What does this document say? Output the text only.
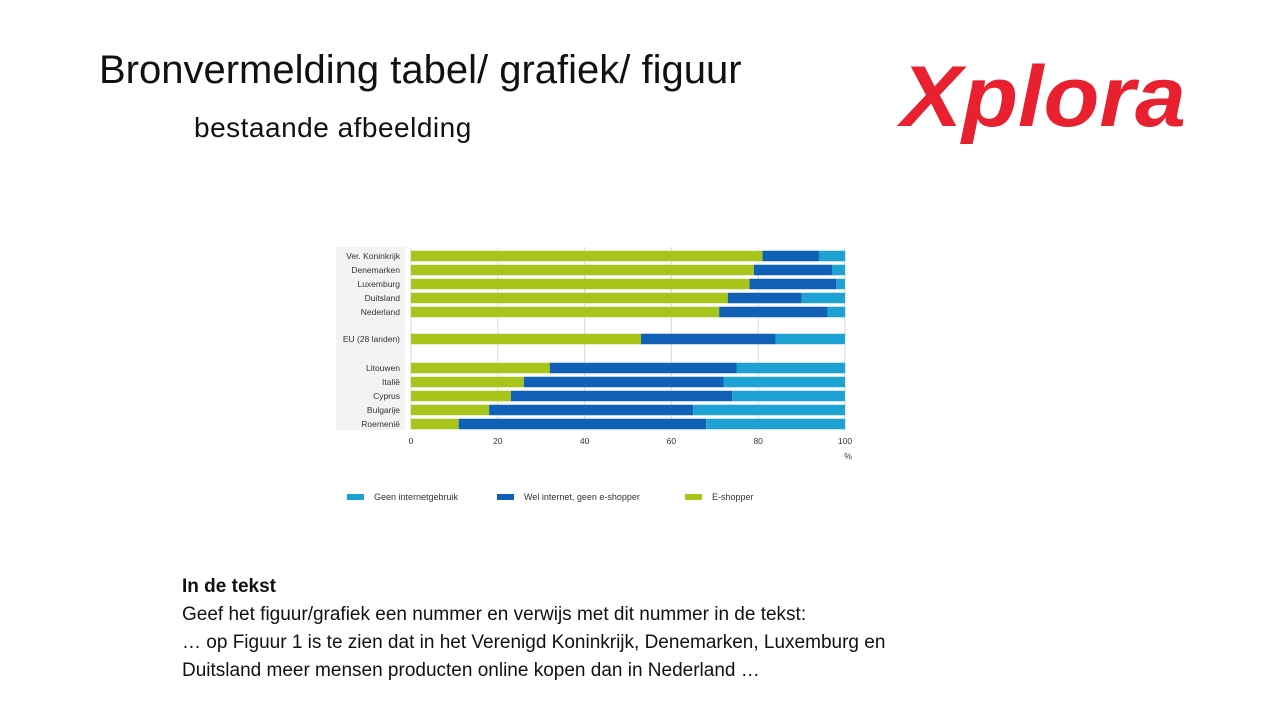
Bronvermelding tabel/ grafiek/ figuur
bestaande afbeelding	Xplora
Ver. Koninkrijk
Denemarken
Luxemburg
Duitsland
Nederland
EU (28 landen)
Litouwen
Italië
Cyprus
Bulgarije
Roemenië
0	20	40	60	80	100
%
Geen internetgebruik	Wel internet, geen e-shopper	E-shopper
In de tekst
Geef het figuur/grafiek een nummer en verwijs met dit nummer in de tekst:
… op Figuur 1 is te zien dat in het Verenigd Koninkrijk, Denemarken, Luxemburg en
Duitsland meer mensen producten online kopen dan in Nederland …
